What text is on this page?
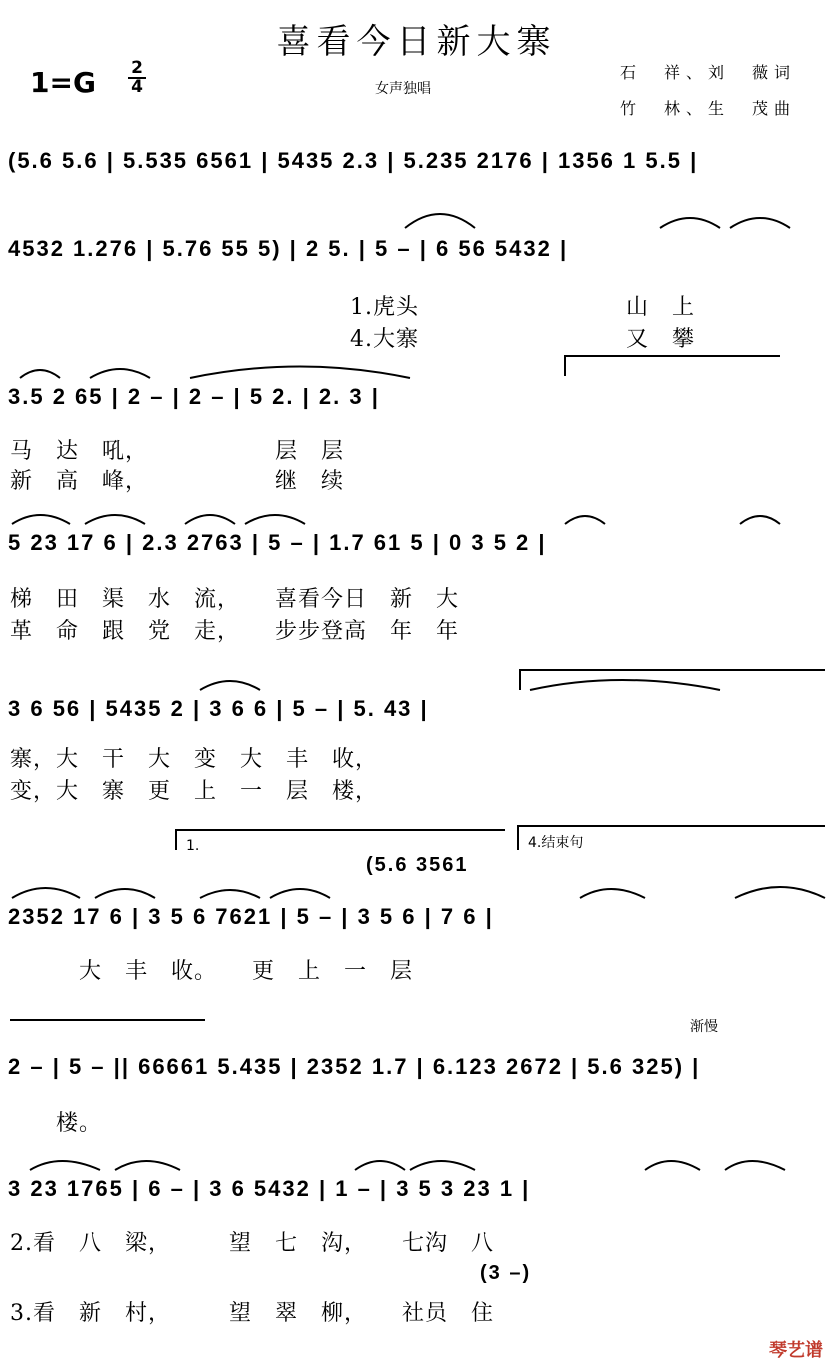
喜看今日新大寨
1=G 2
4	女声独唱
石　祥、刘　薇词
竹　林、生　茂曲
(5.6 5.6 | 5.535 6561 | 5435 2.3 | 5.235 2176 | 1356 1 5.5 |
4532 1.276 | 5.76 55 5) | 2 5. | 5 – | 6 56 5432 |
1.虎头　　　　　　　　　山　上
4.大寨　　　　　　　　　又　攀
3.5 2 65 | 2 – | 2 – | 5 2. | 2. 3 |
马　达　吼，　　　　　　层　层
新　高　峰，　　　　　　继　续
5 23 17 6 | 2.3 2763 | 5 – | 1.7 61 5 | 0 3 5 2 |
梯　田　渠　水　流，　　喜看今日　新　大
革　命　跟　党　走，　　步步登高　年　年
3 6 56 | 5435 2 | 3 6 6 | 5 – | 5. 43 |
寨，大　干　大　变　大　丰　收，
变，大　寨　更　上　一　层　楼，
1.	4.结束句
(5.6 3561
2352 17 6 | 3 5 6 7621 | 5 – | 3 5 6 | 7 6 |
　　　大　丰　收。　　更　上　一　层
渐慢
2 – | 5 – || 66661 5.435 | 2352 1.7 | 6.123 2672 | 5.6 325) |
　　楼。
3 23 1765 | 6 – | 3 6 5432 | 1 – | 3 5 3 23 1 |
2.看　八　梁，　　　望　七　沟，　　七沟　八
(3 –)
3.看　新　村，　　　望　翠　柳，　　社员　住
琴艺谱
